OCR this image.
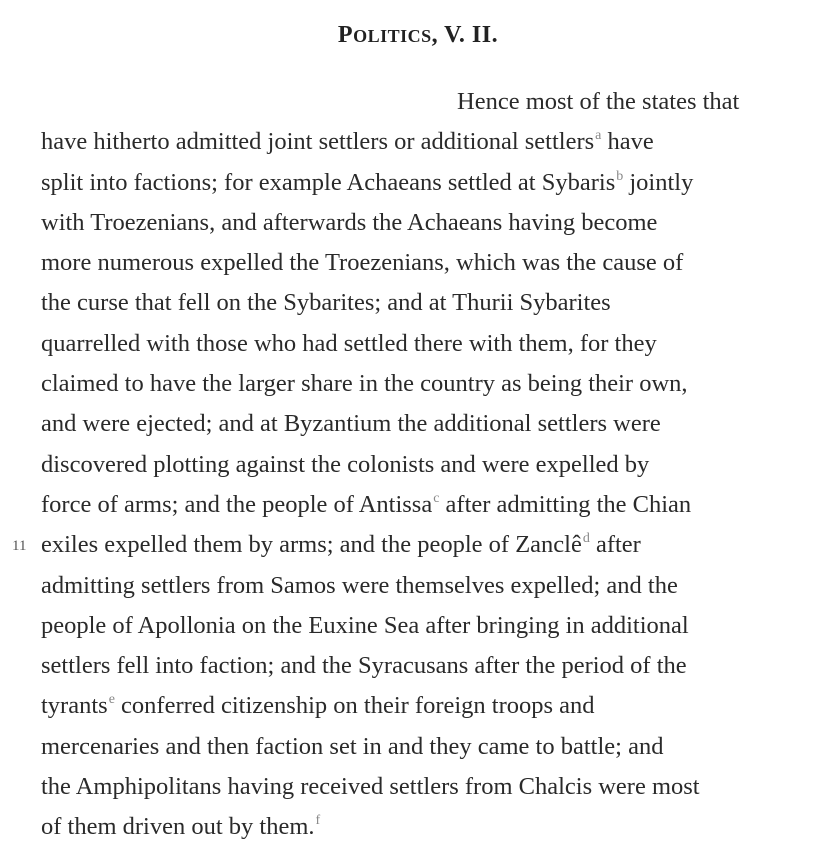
POLITICS, V. II.
11
Hence most of the states that
have hitherto admitted joint settlers or additional settlers$^a$ have
split into factions; for example Achaeans settled at Sybaris$^b$ jointly
with Troezenians, and afterwards the Achaeans having become
more numerous expelled the Troezenians, which was the cause of
the curse that fell on the Sybarites; and at Thurii Sybarites
quarrelled with those who had settled there with them, for they
claimed to have the larger share in the country as being their own,
and were ejected; and at Byzantium the additional settlers were
discovered plotting against the colonists and were expelled by
force of arms; and the people of Antissa$^c$ after admitting the Chian
exiles expelled them by arms; and the people of Zanclê$^d$ after
admitting settlers from Samos were themselves expelled; and the
people of Apollonia on the Euxine Sea after bringing in additional
settlers fell into faction; and the Syracusans after the period of the
tyrants$^e$ conferred citizenship on their foreign troops and
mercenaries and then faction set in and they came to battle; and
the Amphipolitans having received settlers from Chalcis were most
of them driven out by them.$^f$
